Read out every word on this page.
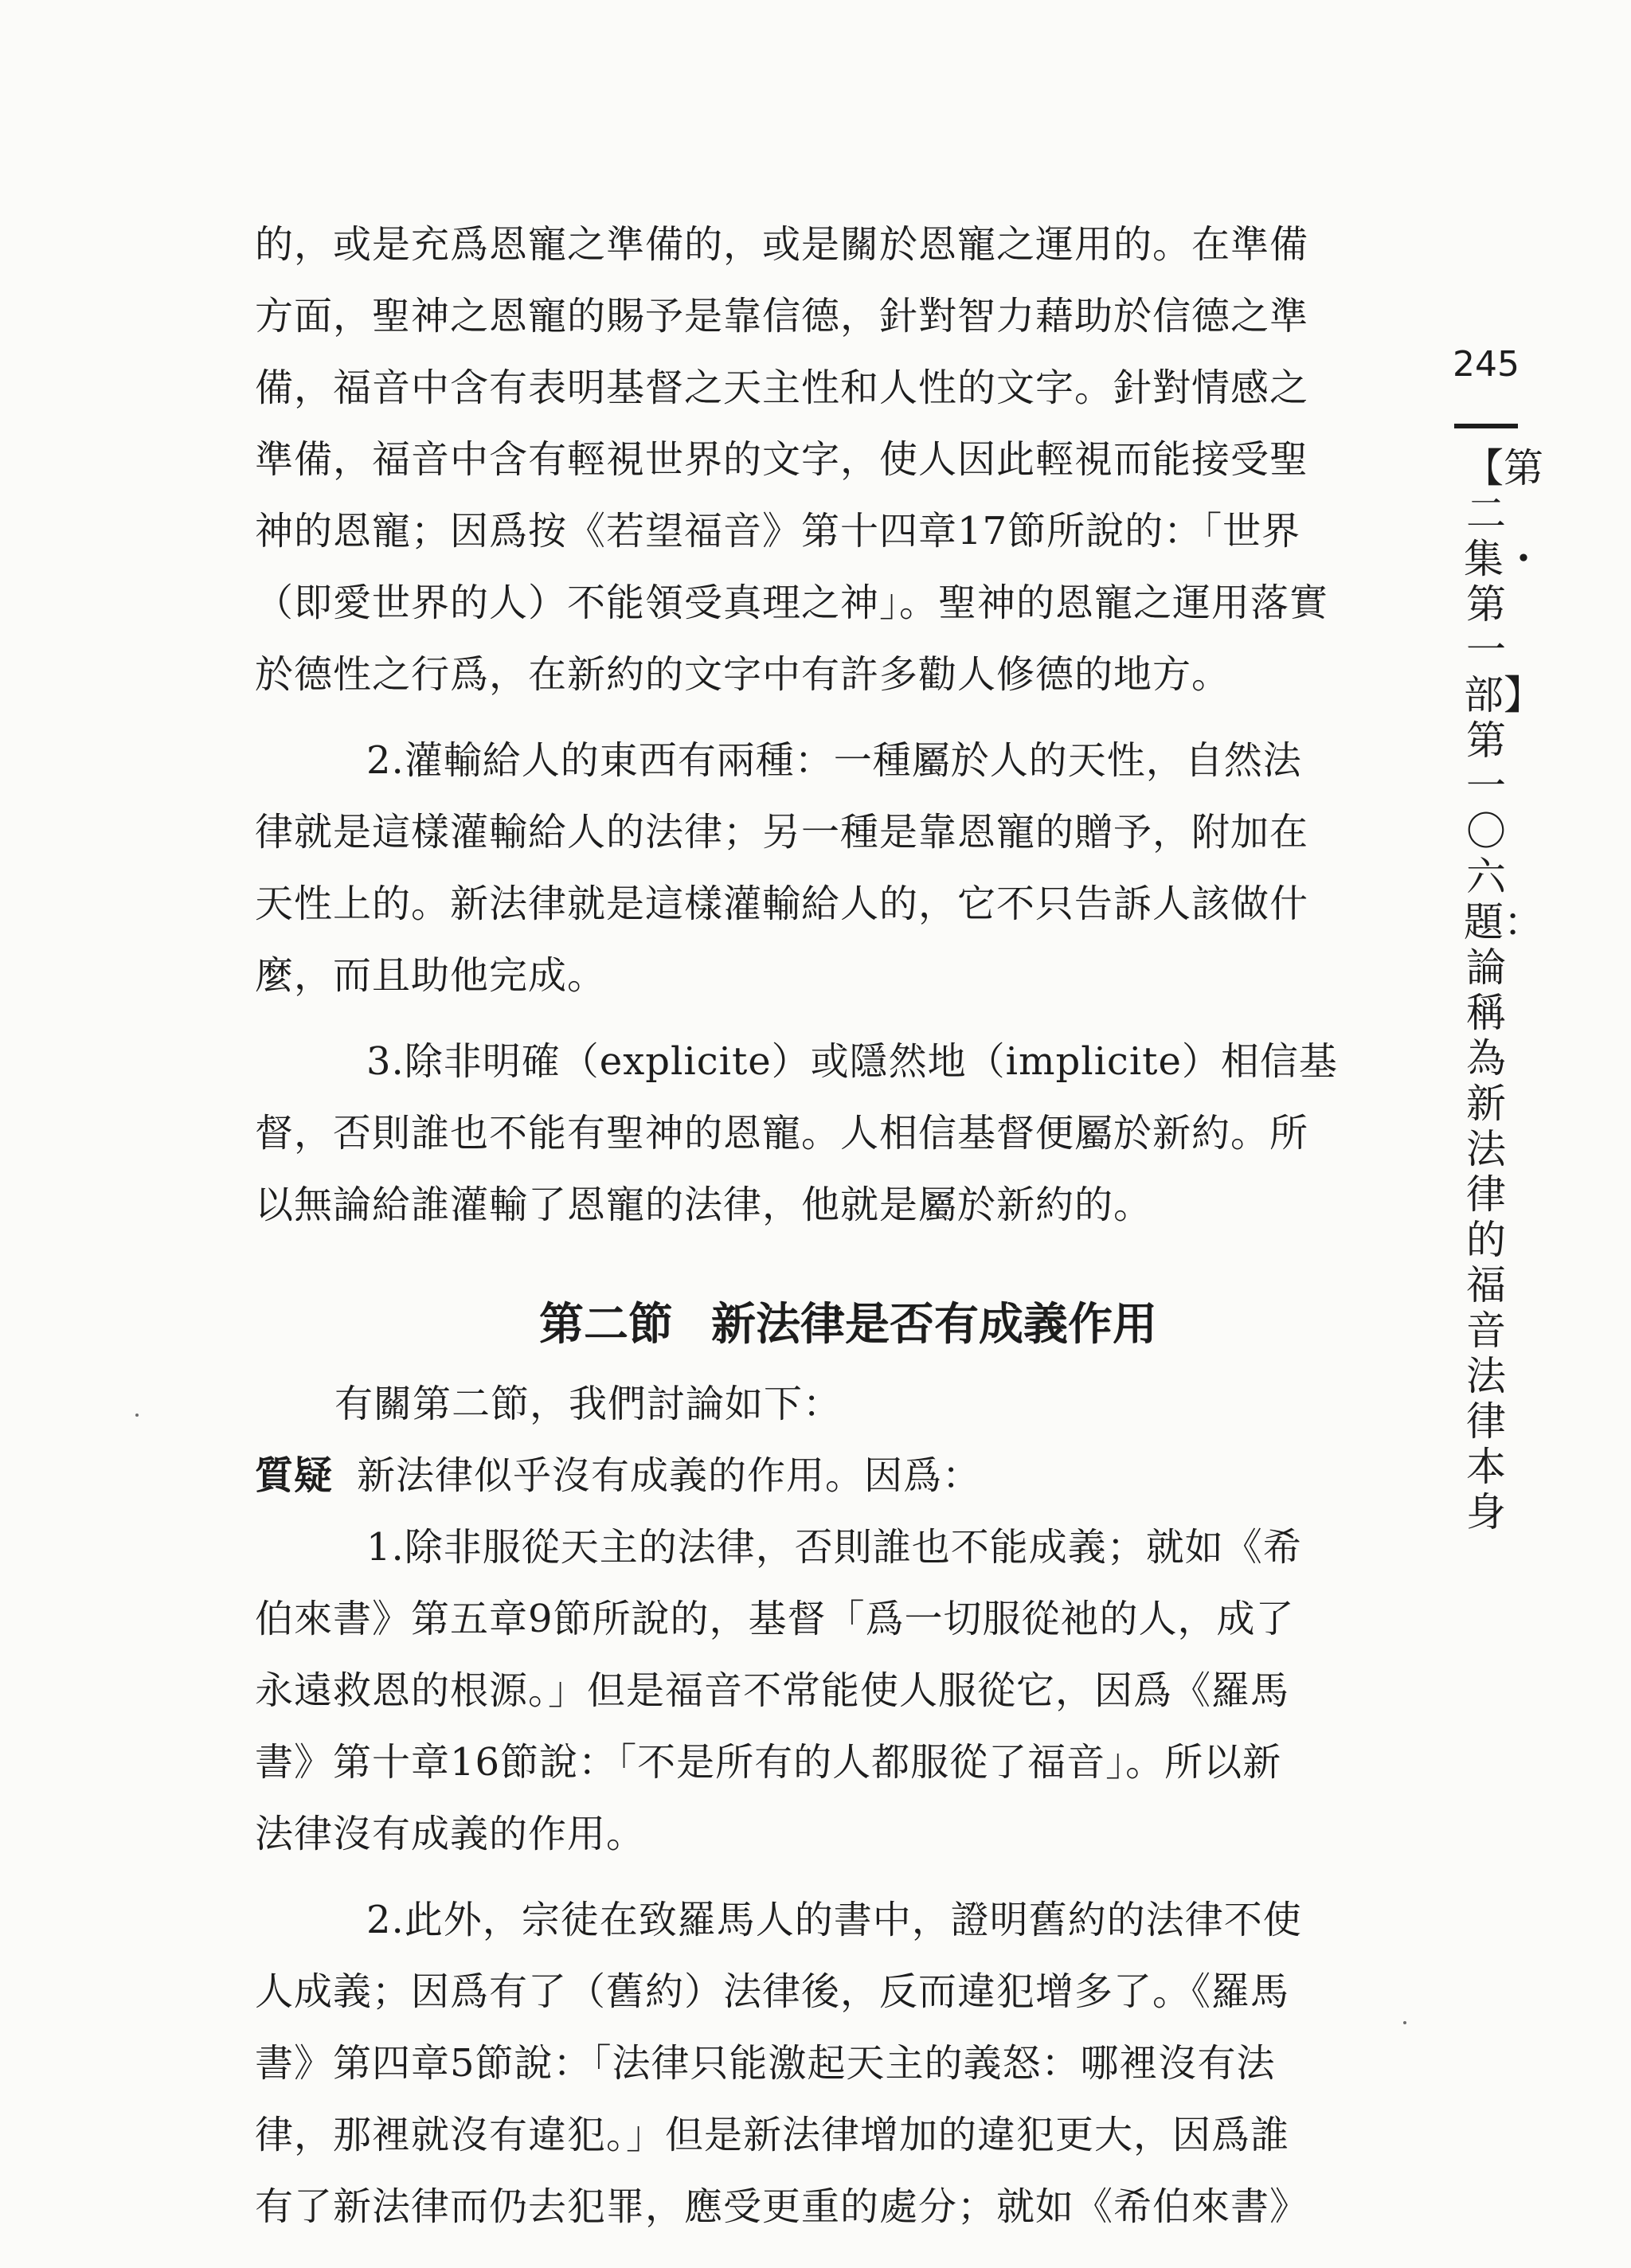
的，或是充爲恩寵之準備的，或是關於恩寵之運用的。在準備
方面，聖神之恩寵的賜予是靠信德，針對智力藉助於信德之準
備，福音中含有表明基督之天主性和人性的文字。針對情感之
準備，福音中含有輕視世界的文字，使人因此輕視而能接受聖
神的恩寵；因爲按《若望福音》第十四章17節所說的：「世界
（即愛世界的人）不能領受真理之神」。聖神的恩寵之運用落實
於德性之行爲，在新約的文字中有許多勸人修德的地方。
2.灌輸給人的東西有兩種：一種屬於人的天性，自然法
律就是這樣灌輸給人的法律；另一種是靠恩寵的贈予，附加在
天性上的。新法律就是這樣灌輸給人的，它不只告訴人該做什
麼，而且助他完成。
3.除非明確（explicite）或隱然地（implicite）相信基
督，否則誰也不能有聖神的恩寵。人相信基督便屬於新約。所
以無論給誰灌輸了恩寵的法律，他就是屬於新約的。
第二節 新法律是否有成義作用
有關第二節，我們討論如下：
質疑 新法律似乎沒有成義的作用。因爲：
1.除非服從天主的法律，否則誰也不能成義；就如《希
伯來書》第五章9節所說的，基督「爲一切服從祂的人，成了
永遠救恩的根源。」但是福音不常能使人服從它，因爲《羅馬
書》第十章16節說：「不是所有的人都服從了福音」。所以新
法律沒有成義的作用。
2.此外，宗徒在致羅馬人的書中，證明舊約的法律不使
人成義；因爲有了（舊約）法律後，反而違犯增多了。《羅馬
書》第四章5節說：「法律只能激起天主的義怒：哪裡沒有法
律，那裡就沒有違犯。」但是新法律增加的違犯更大，因爲誰
有了新法律而仍去犯罪，應受更重的處分；就如《希伯來書》
245
【第二集・第一部】第一〇六題：論稱為新法律的福音法律本身
